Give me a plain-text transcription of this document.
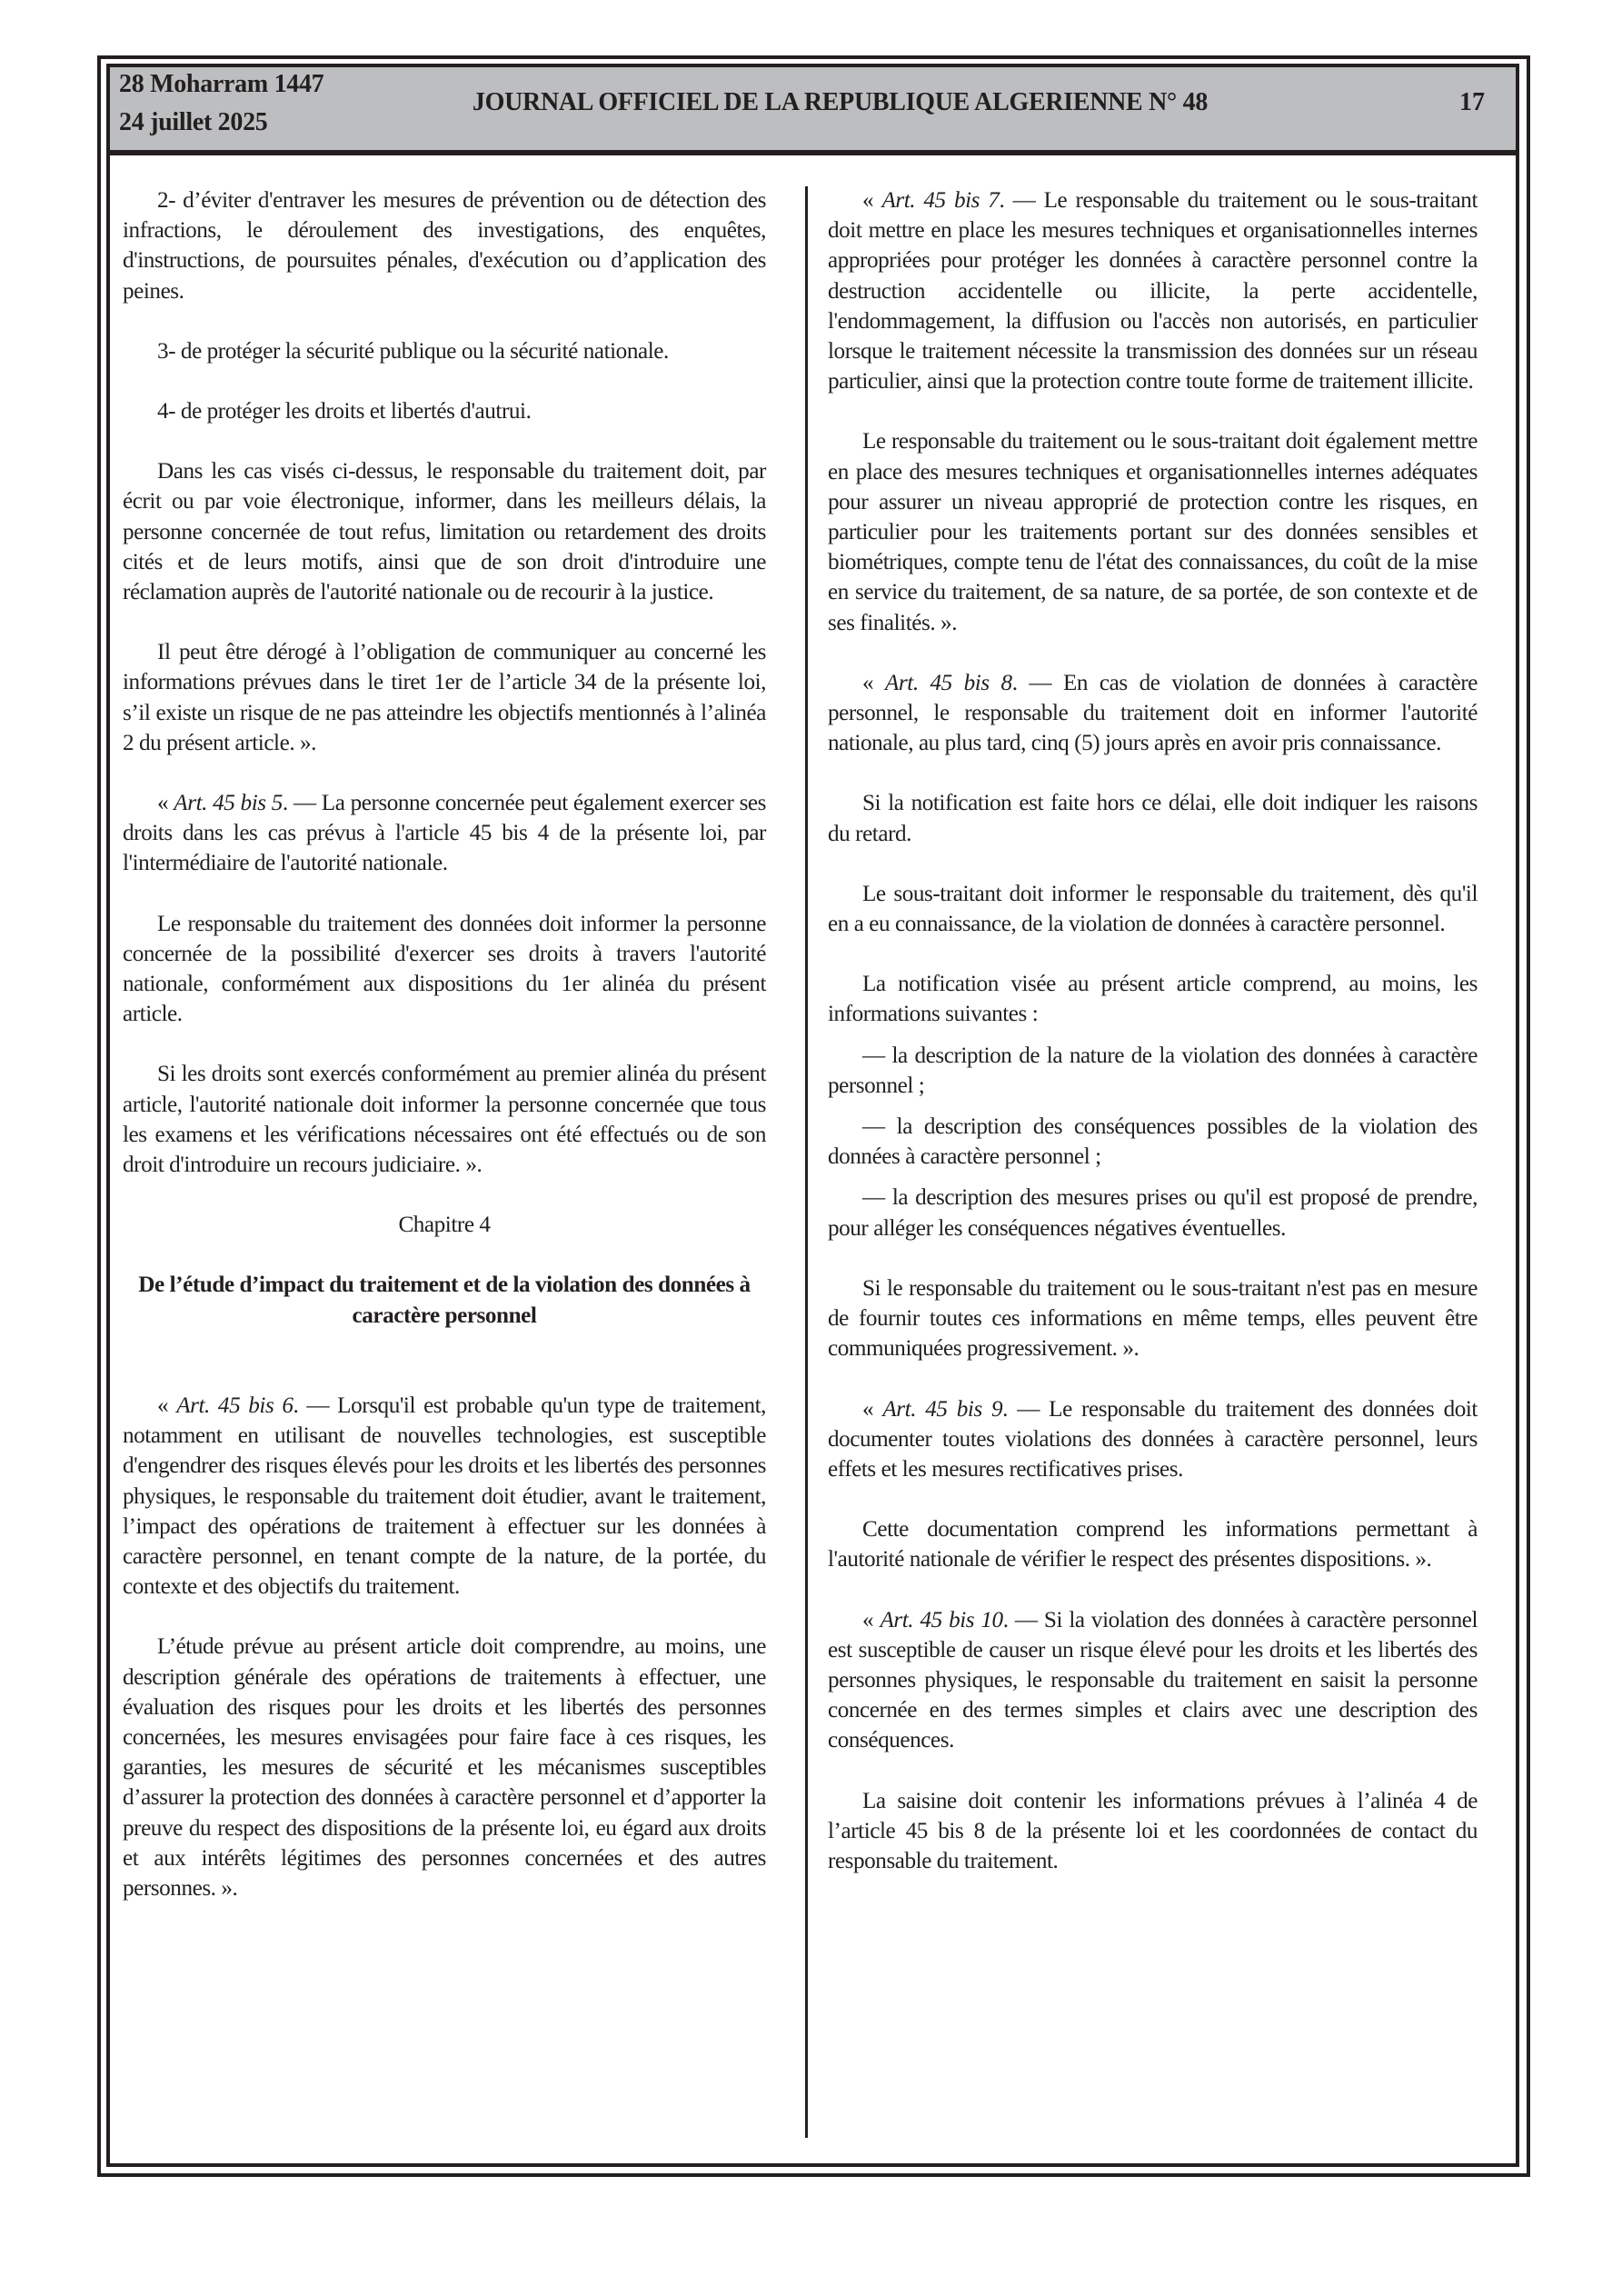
28 Moharram 1447
24 juillet 2025
JOURNAL OFFICIEL DE LA REPUBLIQUE ALGERIENNE N° 48	17

2- d’éviter d'entraver les mesures de prévention ou de détection des infractions, le déroulement des investigations, des enquêtes, d'instructions, de poursuites pénales, d'exécution ou d’application des peines.

3- de protéger la sécurité publique ou la sécurité nationale.

4- de protéger les droits et libertés d'autrui.

Dans les cas visés ci-dessus, le responsable du traitement doit, par écrit ou par voie électronique, informer, dans les meilleurs délais, la personne concernée de tout refus, limitation ou retardement des droits cités et de leurs motifs, ainsi que de son droit d'introduire une réclamation auprès de l'autorité nationale ou de recourir à la justice.

Il peut être dérogé à l’obligation de communiquer au concerné les informations prévues dans le tiret 1er de l’article 34 de la présente loi, s’il existe un risque de ne pas atteindre les objectifs mentionnés à l’alinéa 2 du présent article. ».

« Art. 45 bis 5. — La personne concernée peut également exercer ses droits dans les cas prévus à l'article 45 bis 4 de la présente loi, par l'intermédiaire de l'autorité nationale.

Le responsable du traitement des données doit informer la personne concernée de la possibilité d'exercer ses droits à travers l'autorité nationale, conformément aux dispositions du 1er alinéa du présent article.

Si les droits sont exercés conformément au premier alinéa du présent article, l'autorité nationale doit informer la personne concernée que tous les examens et les vérifications nécessaires ont été effectués ou de son droit d'introduire un recours judiciaire. ».

Chapitre 4
De l’étude d’impact du traitement et de la violation des données à caractère personnel

« Art. 45 bis 6. — Lorsqu'il est probable qu'un type de traitement, notamment en utilisant de nouvelles technologies, est susceptible d'engendrer des risques élevés pour les droits et les libertés des personnes physiques, le responsable du traitement doit étudier, avant le traitement, l’impact des opérations de traitement à effectuer sur les données à caractère personnel, en tenant compte de la nature, de la portée, du contexte et des objectifs du traitement.

L’étude prévue au présent article doit comprendre, au moins, une description générale des opérations de traitements à effectuer, une évaluation des risques pour les droits et les libertés des personnes concernées, les mesures envisagées pour faire face à ces risques, les garanties, les mesures de sécurité et les mécanismes susceptibles d’assurer la protection des données à caractère personnel et d’apporter la preuve du respect des dispositions de la présente loi, eu égard aux droits et aux intérêts légitimes des personnes concernées et des autres personnes. ».

« Art. 45 bis 7. — Le responsable du traitement ou le sous-traitant doit mettre en place les mesures techniques et organisationnelles internes appropriées pour protéger les données à caractère personnel contre la destruction accidentelle ou illicite, la perte accidentelle, l'endommagement, la diffusion ou l'accès non autorisés, en particulier lorsque le traitement nécessite la transmission des données sur un réseau particulier, ainsi que la protection contre toute forme de traitement illicite.

Le responsable du traitement ou le sous-traitant doit également mettre en place des mesures techniques et organisationnelles internes adéquates pour assurer un niveau approprié de protection contre les risques, en particulier pour les traitements portant sur des données sensibles et biométriques, compte tenu de l'état des connaissances, du coût de la mise en service du traitement, de sa nature, de sa portée, de son contexte et de ses finalités. ».

« Art. 45 bis 8. — En cas de violation de données à caractère personnel, le responsable du traitement doit en informer l'autorité nationale, au plus tard, cinq (5) jours après en avoir pris connaissance.

Si la notification est faite hors ce délai, elle doit indiquer les raisons du retard.

Le sous-traitant doit informer le responsable du traitement, dès qu'il en a eu connaissance, de la violation de données à caractère personnel.

La notification visée au présent article comprend, au moins, les informations suivantes :

— la description de la nature de la violation des données à caractère personnel ;

— la description des conséquences possibles de la violation des données à caractère personnel ;

— la description des mesures prises ou qu'il est proposé de prendre, pour alléger les conséquences négatives éventuelles.

Si le responsable du traitement ou le sous-traitant n'est pas en mesure de fournir toutes ces informations en même temps, elles peuvent être communiquées progressivement. ».

« Art. 45 bis 9. — Le responsable du traitement des données doit documenter toutes violations des données à caractère personnel, leurs effets et les mesures rectificatives prises.

Cette documentation comprend les informations permettant à l'autorité nationale de vérifier le respect des présentes dispositions. ».

« Art. 45 bis 10. — Si la violation des données à caractère personnel est susceptible de causer un risque élevé pour les droits et les libertés des personnes physiques, le responsable du traitement en saisit la personne concernée en des termes simples et clairs avec une description des conséquences.

La saisine doit contenir les informations prévues à l’alinéa 4 de l’article 45 bis 8 de la présente loi et les coordonnées de contact du responsable du traitement.
